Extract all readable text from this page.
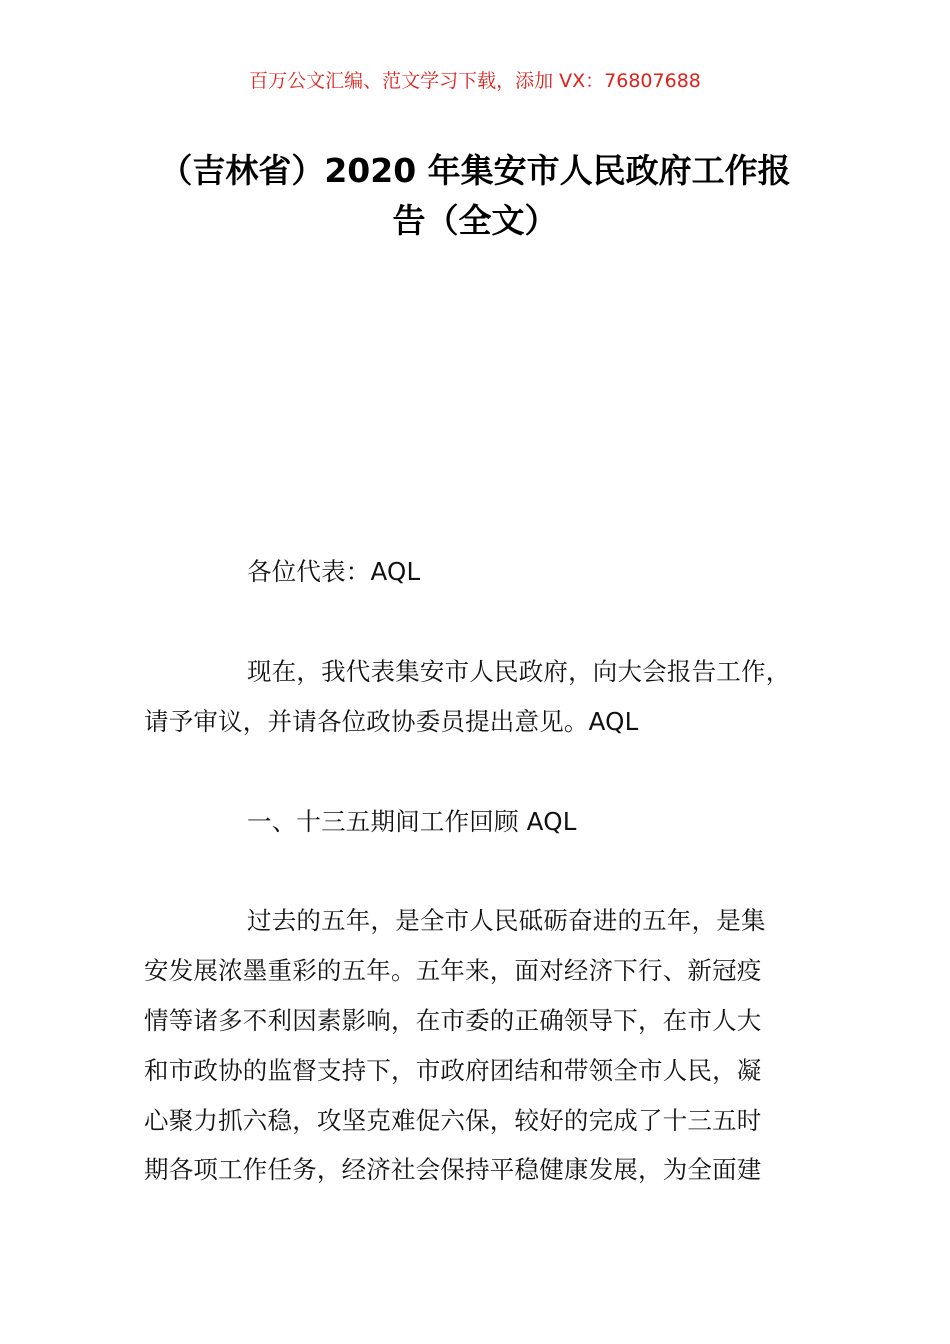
百万公文汇编、范文学习下载，添加 VX：76807688
（吉林省）2020 年集安市人民政府工作报
告（全文）
各位代表：AQL
现在，我代表集安市人民政府，向大会报告工作，
请予审议，并请各位政协委员提出意见。AQL
一、十三五期间工作回顾 AQL
过去的五年，是全市人民砥砺奋进的五年，是集
安发展浓墨重彩的五年。五年来，面对经济下行、新冠疫
情等诸多不利因素影响，在市委的正确领导下，在市人大
和市政协的监督支持下，市政府团结和带领全市人民，凝
心聚力抓六稳，攻坚克难促六保，较好的完成了十三五时
期各项工作任务，经济社会保持平稳健康发展，为全面建
